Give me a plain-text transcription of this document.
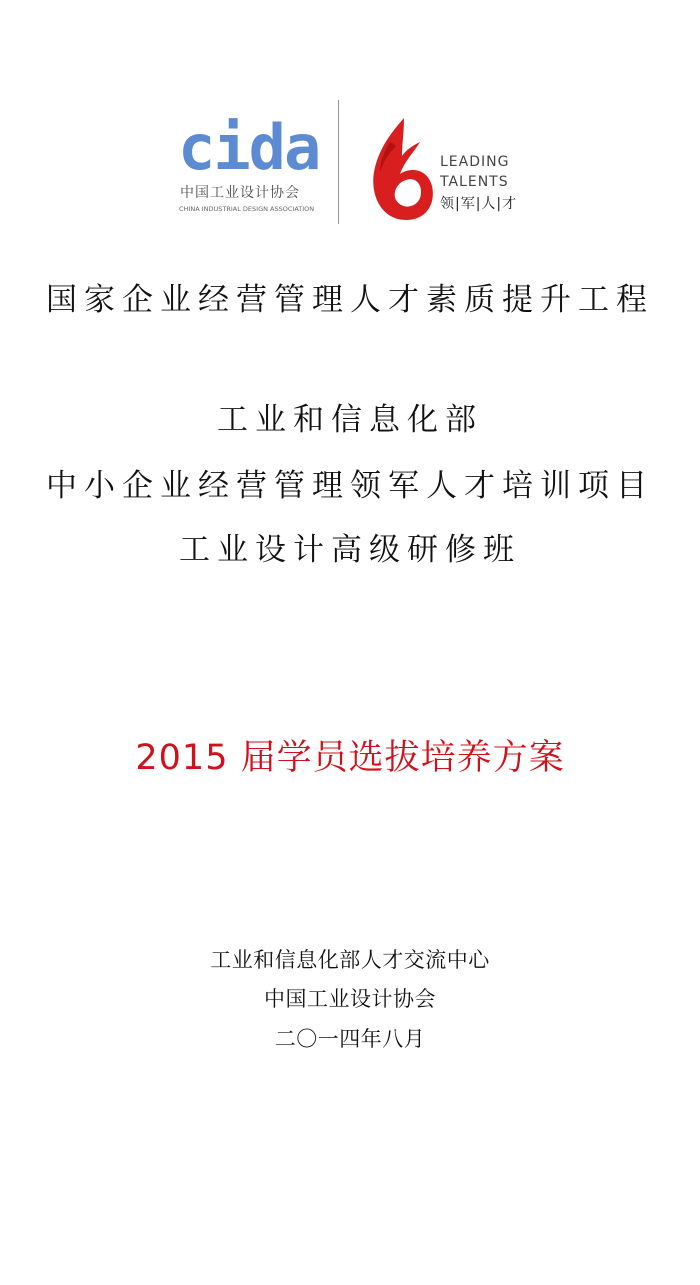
cida
中国工业设计协会
CHINA INDUSTRIAL DESIGN ASSOCIATION
LEADING
TALENTS
领|军|人|才
国家企业经营管理人才素质提升工程
工业和信息化部
中小企业经营管理领军人才培训项目
工业设计高级研修班
2015 届学员选拔培养方案
工业和信息化部人才交流中心
中国工业设计协会
二〇一四年八月
